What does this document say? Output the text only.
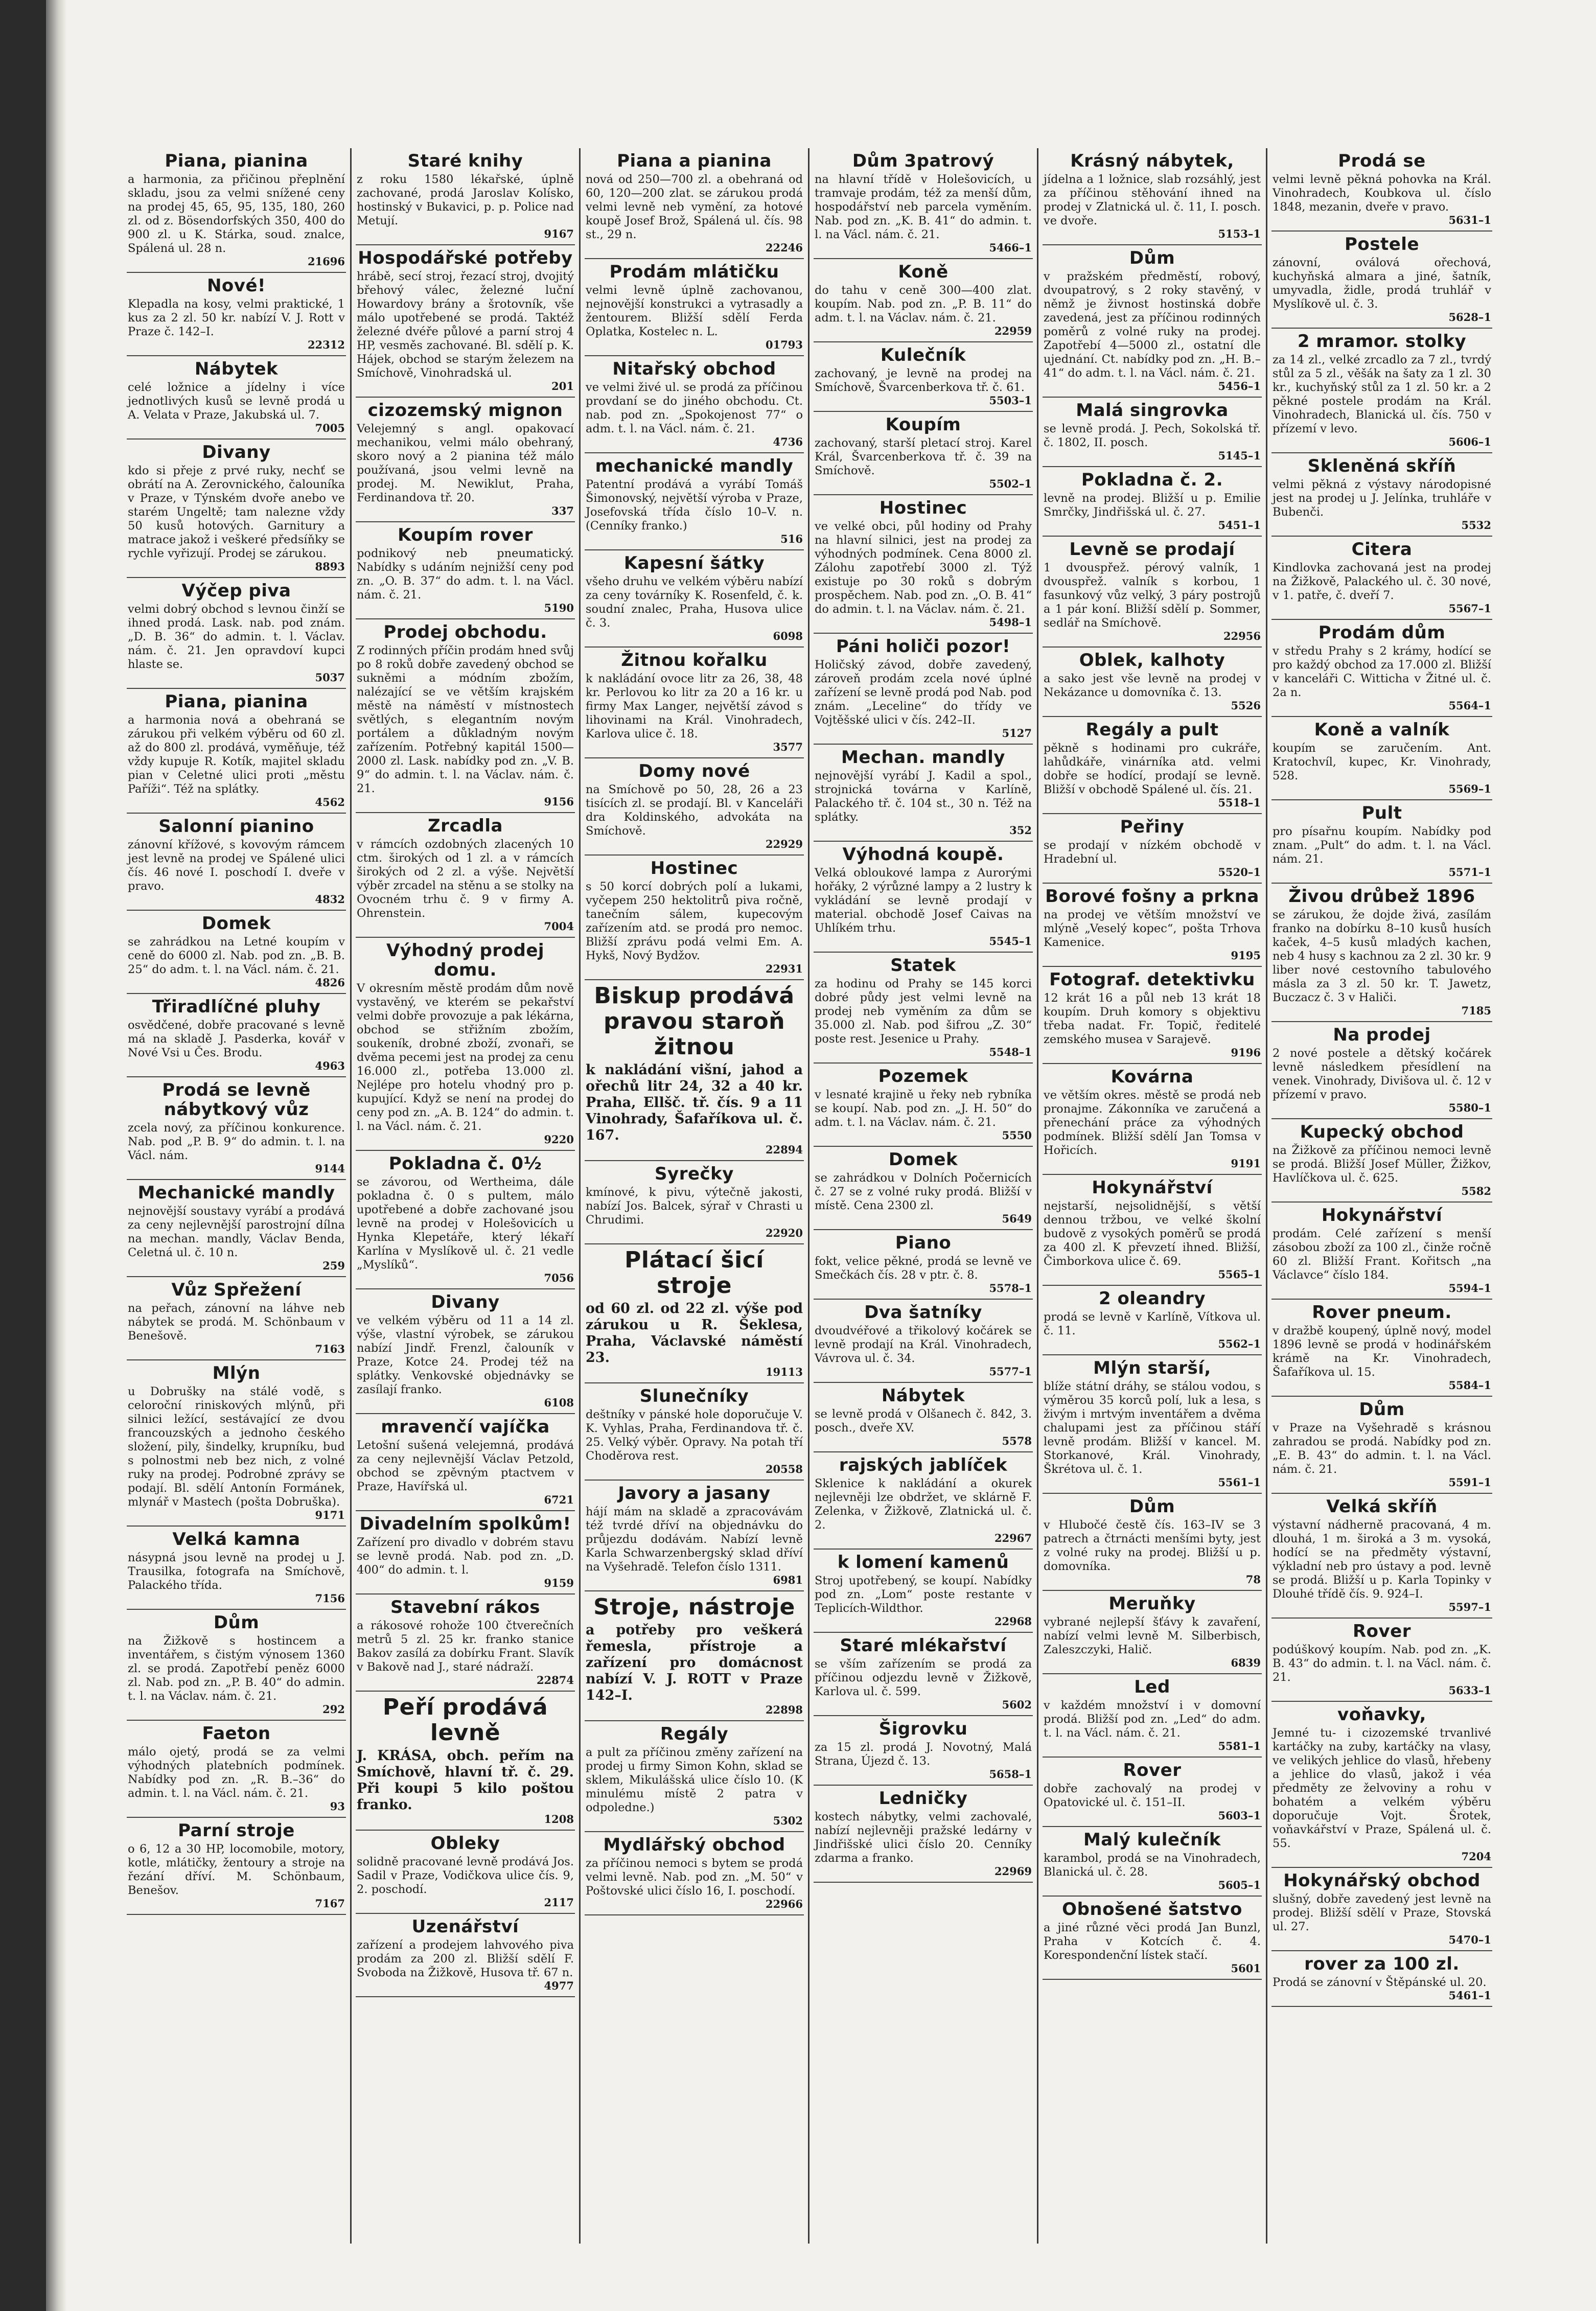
Piana, pianina

a harmonia, za přičinou přeplnění skladu, jsou za velmi snížené ceny na prodej 45, 65, 95, 135, 180, 260 zl. od z. Bösendorfských 350, 400 do 900 zl. u K. Stárka, soud. znalce, Spálená ul. 28 n.

21696
Nové!

Klepadla na kosy, velmi praktické, 1 kus za 2 zl. 50 kr. nabízí V. J. Rott v Praze č. 142–I.

22312
Nábytek

celé ložnice a jídelny i více jednotlivých kusů se levně prodá u A. Velata v Praze, Jakubská ul. 7.

7005
Divany

kdo si přeje z prvé ruky, nechť se obrátí na A. Zerovnického, čalouníka v Praze, v Týnském dvoře anebo ve starém Ungeltě; tam nalezne vždy 50 kusů hotových. Garnitury a matrace jakož i veškeré předsíňky se rychle vyřizují. Prodej se zárukou.

8893
Výčep piva

velmi dobrý obchod s levnou činží se ihned prodá. Lask. nab. pod znám. „D. B. 36“ do admin. t. l. Václav. nám. č. 21. Jen opravdoví kupci hlaste se.

5037
Piana, pianina

a harmonia nová a obehraná se zárukou při velkém výběru od 60 zl. až do 800 zl. prodává, vyměňuje, též vždy kupuje R. Kotík, majitel skladu pian v Celetné ulici proti „městu Paříži“. Též na splátky.

4562
Salonní pianino

zánovní křížové, s kovovým rámcem jest levně na prodej ve Spálené ulici čís. 46 nové I. poschodí I. dveře v pravo.

4832
Domek

se zahrádkou na Letné koupím v ceně do 6000 zl. Nab. pod zn. „B. B. 25“ do adm. t. l. na Václ. nám. č. 21.

4826
Třiradlíčné pluhy

osvědčené, dobře pracované s levně má na skladě J. Pasderka, kovář v Nové Vsi u Čes. Brodu.

4963
Prodá se levně nábytkový vůz

zcela nový, za příčinou konkurence. Nab. pod „P. B. 9“ do admin. t. l. na Václ. nám.

9144
Mechanické mandly

nejnovější soustavy vyrábí a prodává za ceny nejlevnější parostrojní dílna na mechan. mandly, Václav Benda, Celetná ul. č. 10 n.

259
Vůz Spřežení

na peřach, zánovní na láhve neb nábytek se prodá. M. Schönbaum v Benešově.

7163
Mlýn

u Dobrušky na stálé vodě, s celoroční riniskových mlýnů, při silnici ležící, sestávající ze dvou francouzských a jednoho českého složení, pily, šindelky, krupníku, bud s polnostmi neb bez nich, z volné ruky na prodej. Podrobné zprávy se podají. Bl. sdělí Antonín Formánek, mlynář v Mastech (pošta Dobruška).

9171
Velká kamna

násypná jsou levně na prodej u J. Trausilka, fotografa na Smíchově, Palackého třída.

7156
Dům

na Žižkově s hostincem a inventářem, s čistým výnosem 1360 zl. se prodá. Zapotřebí peněz 6000 zl. Nab. pod zn. „P. B. 40“ do admin. t. l. na Václav. nám. č. 21.

292
Faeton

málo ojetý, prodá se za velmi výhodných platebních podmínek. Nabídky pod zn. „R. B.–36“ do admin. t. l. na Václ. nám. č. 21.

93
Parní stroje

o 6, 12 a 30 HP, locomobile, motory, kotle, mlátičky, žentoury a stroje na řezání dříví. M. Schönbaum, Benešov.

7167
Staré knihy

z roku 1580 lékařské, úplně zachované, prodá Jaroslav Kolísko, hostinský v Bukavici, p. p. Police nad Metují.

9167
Hospodářské potřeby

hrábě, secí stroj, řezací stroj, dvojitý břehový válec, železné luční Howardovy brány a šrotovník, vše málo upotřebené se prodá. Taktéž železné dvéře půlové a parní stroj 4 HP, vesměs zachované. Bl. sdělí p. K. Hájek, obchod se starým železem na Smíchově, Vinohradská ul.

201
cizozemský mignon

Velejemný s angl. opakovací mechanikou, velmi málo obehraný, skoro nový a 2 pianina též málo používaná, jsou velmi levně na prodej. M. Newiklut, Praha, Ferdinandova tř. 20.

337
Koupím rover

podnikový neb pneumatický. Nabídky s udáním nejnižší ceny pod zn. „O. B. 37“ do adm. t. l. na Václ. nám. č. 21.

5190
Prodej obchodu.

Z rodinných příčin prodám hned svůj po 8 roků dobře zavedený obchod se sukněmi a módním zbožím, nalézající se ve větším krajském městě na náměstí v místnostech světlých, s elegantním novým portálem a důkladným novým zařízením. Potřebný kapitál 1500—2000 zl. Lask. nabídky pod zn. „V. B. 9“ do admin. t. l. na Václav. nám. č. 21.

9156
Zrcadla

v rámcích ozdobných zlacených 10 ctm. širokých od 1 zl. a v rámcích širokých od 2 zl. a výše. Největší výběr zrcadel na stěnu a se stolky na Ovocném trhu č. 9 v firmy A. Ohrenstein.

7004
Výhodný prodej domu.

V okresním městě prodám dům nově vystavěný, ve kterém se pekařství velmi dobře provozuje a pak lékárna, obchod se střižním zbožím, soukeník, drobné zboží, zvonaři, se dvěma pecemi jest na prodej za cenu 16.000 zl., potřeba 13.000 zl. Nejlépe pro hotelu vhodný pro p. kupující. Když se není na prodej do ceny pod zn. „A. B. 124“ do admin. t. l. na Václ. nám. č. 21.

9220
Pokladna č. 0½

se závorou, od Wertheima, dále pokladna č. 0 s pultem, málo upotřebené a dobře zachované jsou levně na prodej v Holešovicích u Hynka Klepetáře, který lékaří Karlína v Myslíkově ul. č. 21 vedle „Myslíků“.

7056
Divany

ve velkém výběru od 11 a 14 zl. výše, vlastní výrobek, se zárukou nabízí Jindř. Frenzl, čalouník v Praze, Kotce 24. Prodej též na splátky. Venkovské objednávky se zasílají franko.

6108
mravenčí vajíčka

Letošní sušená velejemná, prodává za ceny nejlevnější Václav Petzold, obchod se zpěvným ptactvem v Praze, Havířská ul.

6721
Divadelním spolkům!

Zařízení pro divadlo v dobrém stavu se levně prodá. Nab. pod zn. „D. 400“ do admin. t. l.

9159
Stavební rákos

a rákosové rohože 100 čtverečních metrů 5 zl. 25 kr. franko stanice Bakov zasílá za dobírku Frant. Slavík v Bakově nad J., staré nádraží.

22874
Peří prodává levně

J. KRÁSA, obch. peřím na Smíchově, hlavní tř. č. 29. Při koupi 5 kilo poštou franko.

1208
Obleky

solidně pracované levně prodává Jos. Sadil v Praze, Vodičkova ulice čís. 9, 2. poschodí.

2117
Uzenářství

zařízení a prodejem lahvového piva prodám za 200 zl. Bližší sdělí F. Svoboda na Žižkově, Husova tř. 67 n.

4977
Piana a pianina

nová od 250—700 zl. a obehraná od 60, 120—200 zlat. se zárukou prodá velmi levně neb vymění, za hotové koupě Josef Brož, Spálená ul. čís. 98 st., 29 n.

22246
Prodám mlátičku

velmi levně úplně zachovanou, nejnovější konstrukci a vytrasadly a žentourem. Bližší sdělí Ferda Oplatka, Kostelec n. L.

01793
Nitařský obchod

ve velmi živé ul. se prodá za příčinou provdaní se do jiného obchodu. Ct. nab. pod zn. „Spokojenost 77“ o adm. t. l. na Václ. nám. č. 21.

4736
mechanické mandly

Patentní prodává a vyrábí Tomáš Šimonovský, největší výroba v Praze, Josefovská třída číslo 10–V. n. (Cenníky franko.)

516
Kapesní šátky

všeho druhu ve velkém výběru nabízí za ceny továrníky K. Rosenfeld, č. k. soudní znalec, Praha, Husova ulice č. 3.

6098
Žitnou kořalku

k nakládání ovoce litr za 26, 38, 48 kr. Perlovou ko litr za 20 a 16 kr. u firmy Max Langer, největší závod s lihovinami na Král. Vinohradech, Karlova ulice č. 18.

3577
Domy nové

na Smíchově po 50, 28, 26 a 23 tisících zl. se prodají. Bl. v Kanceláři dra Koldinského, advokáta na Smíchově.

22929
Hostinec

s 50 korcí dobrých polí a lukami, vyčepem 250 hektolitrů piva ročně, tanečním sálem, kupecovým zařízením atd. se prodá pro nemoc. Bližší zprávu podá velmi Em. A. Hykš, Nový Bydžov.

22931
Biskup prodává pravou staroň žitnou

k nakládání višní, jahod a ořechů litr 24, 32 a 40 kr. Praha, Ellšč. tř. čís. 9 a 11 Vinohrady, Šafaříkova ul. č. 167.

22894
Syrečky

kmínové, k pivu, výtečně jakosti, nabízí Jos. Balcek, sýrař v Chrasti u Chrudimi.

22920
Plátací šicí stroje

od 60 zl. od 22 zl. výše pod zárukou u R. Šeklesa, Praha, Václavské náměstí 23.

19113
Slunečníky

deštníky v pánské hole doporučuje V. K. Vyhlas, Praha, Ferdinandova tř. č. 25. Velký výběr. Opravy. Na potah tří Choděrova rest.

20558
Javory a jasany

hájí mám na skladě a zpracovávám též tvrdé dříví na objednávku do průjezdu dodávám. Nabízí levně Karla Schwarzenbergský sklad dříví na Vyšehradě. Telefon číslo 1311.

6981
Stroje, nástroje

a potřeby pro veškerá řemesla, přístroje a zařízení pro domácnost nabízí V. J. ROTT v Praze 142–I.

22898
Regály

a pult za příčinou změny zařízení na prodej u firmy Simon Kohn, sklad se sklem, Mikulášská ulice číslo 10. (K minulému místě 2 patra v odpoledne.)

5302
Mydlářský obchod

za příčinou nemoci s bytem se prodá velmi levně. Nab. pod zn. „M. 50“ v Poštovské ulici číslo 16, I. poschodí.

22966
Dům 3patrový

na hlavní třídě v Holešovicích, u tramvaje prodám, též za menší dům, hospodářství neb parcela vyměním. Nab. pod zn. „K. B. 41“ do admin. t. l. na Václ. nám. č. 21.

5466–1
Koně

do tahu v ceně 300—400 zlat. koupím. Nab. pod zn. „P. B. 11“ do adm. t. l. na Václav. nám. č. 21.

22959
Kulečník

zachovaný, je levně na prodej na Smíchově, Švarcenberkova tř. č. 61.

5503–1
Koupím

zachovaný, starší pletací stroj. Karel Král, Švarcenberkova tř. č. 39 na Smíchově.

5502–1
Hostinec

ve velké obci, půl hodiny od Prahy na hlavní silnici, jest na prodej za výhodných podmínek. Cena 8000 zl. Zálohu zapotřebí 3000 zl. Týž existuje po 30 roků s dobrým prospěchem. Nab. pod zn. „O. B. 41“ do admin. t. l. na Václav. nám. č. 21.

5498–1
Páni holiči pozor!

Holičský závod, dobře zavedený, zároveň prodám zcela nové úplné zařízení se levně prodá pod Nab. pod znám. „Leceline“ do třídy ve Vojtěšské ulici v čís. 242–II.

5127
Mechan. mandly

nejnovější vyrábí J. Kadil a spol., strojnická továrna v Karlíně, Palackého tř. č. 104 st., 30 n. Též na splátky.

352
Výhodná koupě.

Velká obloukové lampa z Aurorými hořáky, 2 výrůzné lampy a 2 lustry k vykládání se levně prodají v material. obchodě Josef Caivas na Uhlíkém trhu.

5545–1
Statek

za hodinu od Prahy se 145 korci dobré půdy jest velmi levně na prodej neb vyměním za dům se 35.000 zl. Nab. pod šifrou „Z. 30“ poste rest. Jesenice u Prahy.

5548–1
Pozemek

v lesnaté krajině u řeky neb rybníka se koupí. Nab. pod zn. „J. H. 50“ do adm. t. l. na Václav. nám. č. 21.

5550
Domek

se zahrádkou v Dolních Počernicích č. 27 se z volné ruky prodá. Bližší v místě. Cena 2300 zl.

5649
Piano

fokt, velice pěkné, prodá se levně ve Smečkách čís. 28 v ptr. č. 8.

5578–1
Dva šatníky

dvoudvéřové a třikolový kočárek se levně prodají na Král. Vinohradech, Vávrova ul. č. 34.

5577–1
Nábytek

se levně prodá v Olšanech č. 842, 3. posch., dveře XV.

5578
rajských jablíček

Sklenice k nakládání a okurek nejlevněji lze obdržet, ve sklárně F. Zelenka, v Žižkově, Zlatnická ul. č. 2.

22967
k lomení kamenů

Stroj upotřebený, se koupí. Nabídky pod zn. „Lom“ poste restante v Teplicích-Wildthor.

22968
Staré mlékařství

se vším zařízením se prodá za příčinou odjezdu levně v Žižkově, Karlova ul. č. 599.

5602
Šigrovku

za 15 zl. prodá J. Novotný, Malá Strana, Újezd č. 13.

5658–1
Ledničky

kostech nábytky, velmi zachovalé, nabízí nejlevněji pražské ledárny v Jindřišské ulici číslo 20. Cenníky zdarma a franko.

22969
Krásný nábytek,

jídelna a 1 ložnice, slab rozsáhlý, jest za příčinou stěhování ihned na prodej v Zlatnická ul. č. 11, I. posch. ve dvoře.

5153–1
Dům

v pražském předměstí, robový, dvoupatrový, s 2 roky stavěný, v němž je živnost hostinská dobře zavedená, jest za příčinou rodinných poměrů z volné ruky na prodej. Zapotřebí 4—5000 zl., ostatní dle ujednání. Ct. nabídky pod zn. „H. B.–41“ do adm. t. l. na Václ. nám. č. 21.

5456–1
Malá singrovka

se levně prodá. J. Pech, Sokolská tř. č. 1802, II. posch.

5145–1
Pokladna č. 2.

levně na prodej. Bližší u p. Emilie Smrčky, Jindřišská ul. č. 27.

5451–1
Levně se prodají

1 dvouspřež. pérový valník, 1 dvouspřež. valník s korbou, 1 fasunkový vůz velký, 3 páry postrojů a 1 pár koní. Bližší sdělí p. Sommer, sedlář na Smíchově.

22956
Oblek, kalhoty

a sako jest vše levně na prodej v Nekázance u domovníka č. 13.

5526
Regály a pult

pěkně s hodinami pro cukráře, lahůdkáře, vinárníka atd. velmi dobře se hodící, prodají se levně. Bližší v obchodě Spálené ul. čís. 21.

5518–1
Peřiny

se prodají v nízkém obchodě v Hradební ul.

5520–1
Borové fošny a prkna

na prodej ve větším množství ve mlýně „Veselý kopec“, pošta Trhova Kamenice.

9195
Fotograf. detektivku

12 krát 16 a půl neb 13 krát 18 koupím. Druh komory s objektivu třeba nadat. Fr. Topič, ředitelé zemského musea v Sarajevě.

9196
Kovárna

ve větším okres. městě se prodá neb pronajme. Zákonníka ve zaručená a přenechání práce za výhodných podmínek. Bližší sdělí Jan Tomsa v Hořicích.

9191
Hokynářství

nejstarší, nejsolidnější, s větší dennou tržbou, ve velké školní budově z vysokých poměrů se prodá za 400 zl. K převzetí ihned. Bližší, Čimborkova ulice č. 69.

5565–1
2 oleandry

prodá se levně v Karlíně, Vítkova ul. č. 11.

5562–1
Mlýn starší,

blíže státní dráhy, se stálou vodou, s výměrou 35 korců polí, luk a lesa, s živým i mrtvým inventářem a dvěma chalupami jest za příčinou stáří levně prodám. Bližší v kancel. M. Storkanové, Král. Vinohrady, Škrétova ul. č. 1.

5561–1
Dům

v Hlubočé čestě čís. 163–IV se 3 patrech a čtrnácti menšími byty, jest z volné ruky na prodej. Bližší u p. domovníka.

78
Meruňky

vybrané nejlepší šťávy k zavaření, nabízí velmi levně M. Silberbisch, Zaleszczyki, Halič.

6839
Led

v každém množství i v domovní prodá. Bližší pod zn. „Led“ do adm. t. l. na Václ. nám. č. 21.

5581–1
Rover

dobře zachovalý na prodej v Opatovické ul. č. 151–II.

5603–1
Malý kulečník

karambol, prodá se na Vinohradech, Blanická ul. č. 28.

5605–1
Obnošené šatstvo

a jiné různé věci prodá Jan Bunzl, Praha v Kotcích č. 4. Korespondenční lístek stačí.

5601
Prodá se

velmi levně pěkná pohovka na Král. Vinohradech, Koubkova ul. číslo 1848, mezanin, dveře v pravo.

5631–1
Postele

zánovní, oválová ořechová, kuchyňská almara a jiné, šatník, umyvadla, židle, prodá truhlář v Myslíkově ul. č. 3.

5628–1
2 mramor. stolky

za 14 zl., velké zrcadlo za 7 zl., tvrdý stůl za 5 zl., věšák na šaty za 1 zl. 30 kr., kuchyňský stůl za 1 zl. 50 kr. a 2 pěkné postele prodám na Král. Vinohradech, Blanická ul. čís. 750 v přízemí v levo.

5606–1
Skleněná skříň

velmi pěkná z výstavy národopisné jest na prodej u J. Jelínka, truhláře v Bubenči.

5532
Citera

Kindlovka zachovaná jest na prodej na Žižkově, Palackého ul. č. 30 nové, v 1. patře, č. dveří 7.

5567–1
Prodám dům

v středu Prahy s 2 krámy, hodící se pro každý obchod za 17.000 zl. Bližší v kanceláři C. Witticha v Žitné ul. č. 2a n.

5564–1
Koně a valník

koupím se zaručením. Ant. Kratochvíl, kupec, Kr. Vinohrady, 528.

5569–1
Pult

pro písařnu koupím. Nabídky pod znam. „Pult“ do adm. t. l. na Václ. nám. 21.

5571–1
Živou drůbež 1896

se zárukou, že dojde živá, zasílám franko na dobírku 8–10 kusů husích kaček, 4–5 kusů mladých kachen, neb 4 husy s kachnou za 2 zl. 30 kr. 9 liber nové cestovního tabulového másla za 3 zl. 50 kr. T. Jawetz, Buczacz č. 3 v Haliči.

7185
Na prodej

2 nové postele a dětský kočárek levně následkem přesídlení na venek. Vinohrady, Divišova ul. č. 12 v přízemí v pravo.

5580–1
Kupecký obchod

na Žižkově za příčinou nemoci levně se prodá. Bližší Josef Müller, Žižkov, Havlíčkova ul. č. 625.

5582
Hokynářství

prodám. Celé zařízení s menší zásobou zboží za 100 zl., činže ročně 60 zl. Bližší Frant. Kořitsch „na Václavce“ číslo 184.

5594–1
Rover pneum.

v dražbě koupený, úplně nový, model 1896 levně se prodá v hodinářském krámě na Kr. Vinohradech, Šafaříkova ul. 15.

5584–1
Dům

v Praze na Vyšehradě s krásnou zahradou se prodá. Nabídky pod zn. „E. B. 43“ do admin. t. l. na Václ. nám. č. 21.

5591–1
Velká skříň

výstavní nádherně pracovaná, 4 m. dlouhá, 1 m. široká a 3 m. vysoká, hodící se na předměty výstavní, výkladní neb pro ústavy a pod. levně se prodá. Bližší u p. Karla Topinky v Dlouhé třídě čís. 9. 924–I.

5597–1
Rover

podúškový koupím. Nab. pod zn. „K. B. 43“ do admin. t. l. na Václ. nám. č. 21.

5633–1
voňavky,

Jemné tu- i cizozemské trvanlivé kartáčky na zuby, kartáčky na vlasy, ve velikých jehlice do vlasů, hřebeny a jehlice do vlasů, jakož i véa předměty ze želvoviny a rohu v bohatém a velkém výběru doporučuje Vojt. Šrotek, voňavkářství v Praze, Spálená ul. č. 55.

7204
Hokynářský obchod

slušný, dobře zavedený jest levně na prodej. Bližší sdělí v Praze, Stovská ul. 27.

5470–1
rover za 100 zl.

Prodá se zánovní v Štěpánské ul. 20.

5461–1
